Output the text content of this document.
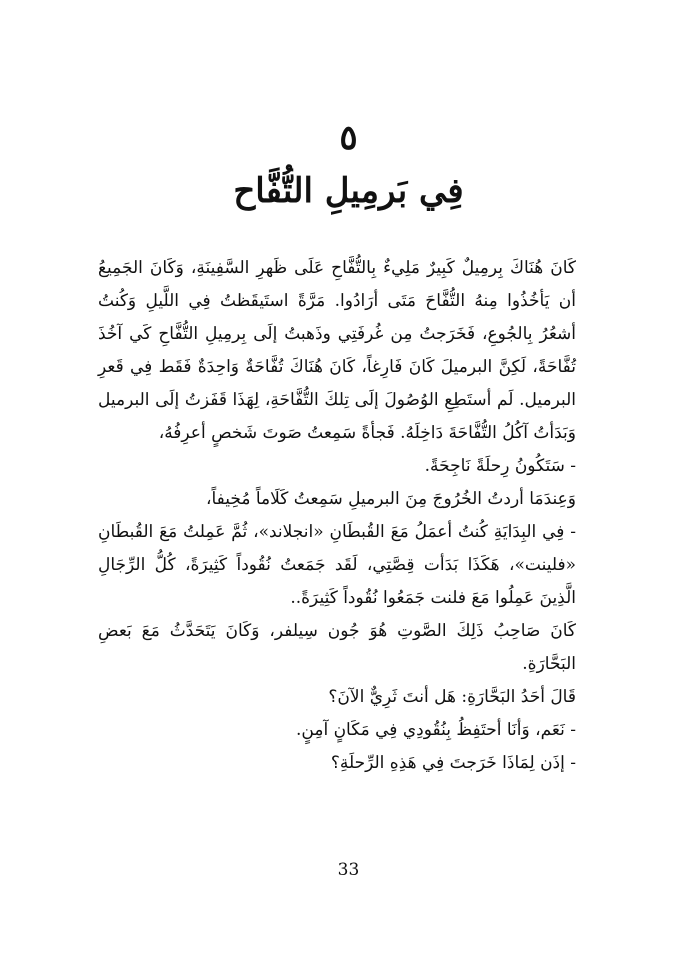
٥
فِي بَرمِيلِ التُّفَّاح

كَانَ هُنَاكَ بِرمِيلٌ كَبِيرٌ مَلِيءٌ بِالتُّفَّاحِ عَلَى ظَهرِ السَّفِينَةِ، وَكَانَ الجَمِيعُ أن يَأخُذُوا مِنهُ التُّفَّاحَ مَتَى أرَادُوا. مَرَّةً استَيقَظتُ فِي اللَّيلِ وَكُنتُ أشعُرُ بِالجُوعِ، فَخَرَجتُ مِن غُرفَتِي وذَهبتُ إلَى بِرمِيلِ التُّفَّاحِ كَي آخُذَ تُفَّاحَةً، لَكِنَّ البرميلَ كَانَ فَارِغاً، كَانَ هُنَاكَ تُفَّاحَةٌ وَاحِدَةٌ فَقَط فِي قَعرِ البرميل. لَم أستَطِعِ الوُصُولَ إلَى تِلكَ التُّفَّاحَةِ، لِهَذَا قَفَزتُ إلَى البرميل وَبَدَأتُ آكُلُ التُّفَّاحَةَ دَاخِلَهُ. فَجأةً سَمِعتُ صَوتَ شَخصٍ أعرِفُهُ،

- سَتَكُونُ رِحلَةً نَاجِحَةً.

وَعِندَمَا أردتُ الخُرُوجَ مِنَ البرميلِ سَمِعتُ كَلَاماً مُخِيفاً،

- فِي البِدَايَةِ كُنتُ أعمَلُ مَعَ القُبطَانِ «انجلاند»، ثُمَّ عَمِلتُ مَعَ القُبطَانِ «فلينت»، هَكَذَا بَدَأت قِصَّتِي، لَقَد جَمَعتُ نُقُوداً كَثِيرَةً، كُلُّ الرِّجَالِ الَّذِينَ عَمِلُوا مَعَ فلنت جَمَعُوا نُقُوداً كَثِيرَةً..

كَانَ صَاحِبُ ذَلِكَ الصَّوتِ هُوَ جُون سِيلفر، وَكَانَ يَتَحَدَّثُ مَعَ بَعضِ البَحَّارَةِ.

قَالَ أحَدُ البَحَّارَةِ: هَل أنتَ ثَرِيٌّ الآنَ؟

- نَعَم، وَأنَا أحتَفِظُ بِنُقُودِي فِي مَكَانٍ آمِنٍ.

- إذَن لِمَاذَا خَرَجتَ فِي هَذِهِ الرِّحلَةِ؟

33
